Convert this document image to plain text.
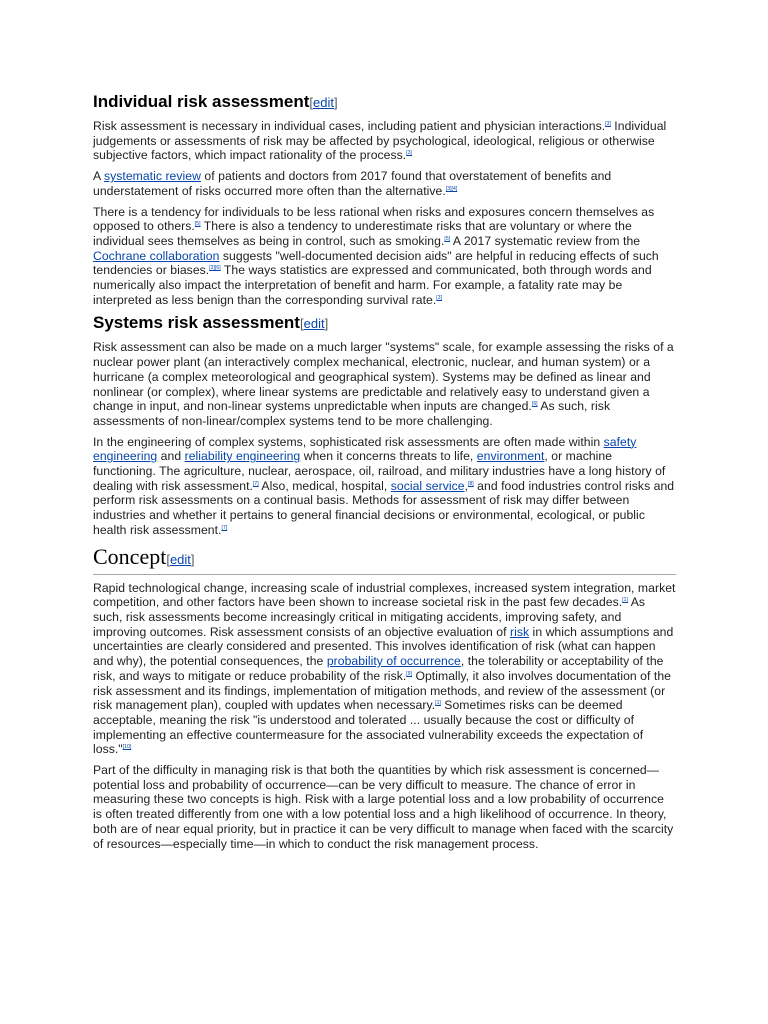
Individual risk assessment[edit]

Risk assessment is necessary in individual cases, including patient and physician interactions.[3] Individual judgements or assessments of risk may be affected by psychological, ideological, religious or otherwise subjective factors, which impact rationality of the process.[3]

A systematic review of patients and doctors from 2017 found that overstatement of benefits and understatement of risks occurred more often than the alternative.[3][4]

There is a tendency for individuals to be less rational when risks and exposures concern themselves as opposed to others.[5] There is also a tendency to underestimate risks that are voluntary or where the individual sees themselves as being in control, such as smoking.[5] A 2017 systematic review from the Cochrane collaboration suggests "well-documented decision aids" are helpful in reducing effects of such tendencies or biases.[3][6] The ways statistics are expressed and communicated, both through words and numerically also impact the interpretation of benefit and harm. For example, a fatality rate may be interpreted as less benign than the corresponding survival rate.[3]

Systems risk assessment[edit]

Risk assessment can also be made on a much larger "systems" scale, for example assessing the risks of a nuclear power plant (an interactively complex mechanical, electronic, nuclear, and human system) or a hurricane (a complex meteorological and geographical system). Systems may be defined as linear and nonlinear (or complex), where linear systems are predictable and relatively easy to understand given a change in input, and non-linear systems unpredictable when inputs are changed.[6] As such, risk assessments of non-linear/complex systems tend to be more challenging.

In the engineering of complex systems, sophisticated risk assessments are often made within safety engineering and reliability engineering when it concerns threats to life, environment, or machine functioning. The agriculture, nuclear, aerospace, oil, railroad, and military industries have a long history of dealing with risk assessment.[7] Also, medical, hospital, social service,[8] and food industries control risks and perform risk assessments on a continual basis. Methods for assessment of risk may differ between industries and whether it pertains to general financial decisions or environmental, ecological, or public health risk assessment.[7]

Concept[edit]

Rapid technological change, increasing scale of industrial complexes, increased system integration, market competition, and other factors have been shown to increase societal risk in the past few decades.[1] As such, risk assessments become increasingly critical in mitigating accidents, improving safety, and improving outcomes. Risk assessment consists of an objective evaluation of risk in which assumptions and uncertainties are clearly considered and presented. This involves identification of risk (what can happen and why), the potential consequences, the probability of occurrence, the tolerability or acceptability of the risk, and ways to mitigate or reduce probability of the risk.[9] Optimally, it also involves documentation of the risk assessment and its findings, implementation of mitigation methods, and review of the assessment (or risk management plan), coupled with updates when necessary.[1] Sometimes risks can be deemed acceptable, meaning the risk "is understood and tolerated ... usually because the cost or difficulty of implementing an effective countermeasure for the associated vulnerability exceeds the expectation of loss."[10]

Part of the difficulty in managing risk is that both the quantities by which risk assessment is concerned—potential loss and probability of occurrence—can be very difficult to measure. The chance of error in measuring these two concepts is high. Risk with a large potential loss and a low probability of occurrence is often treated differently from one with a low potential loss and a high likelihood of occurrence. In theory, both are of near equal priority, but in practice it can be very difficult to manage when faced with the scarcity of resources—especially time—in which to conduct the risk management process.
